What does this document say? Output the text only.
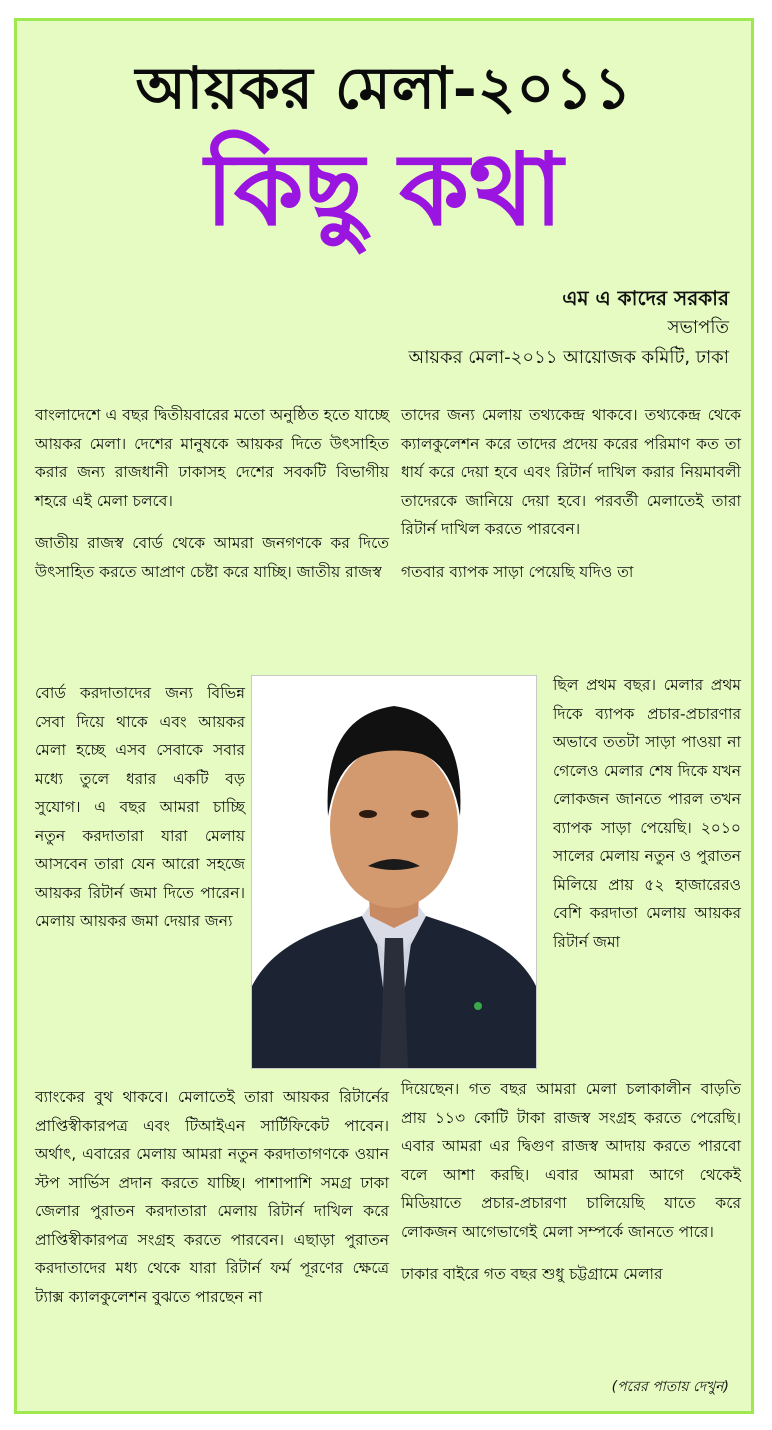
আয়কর মেলা-২০১১
কিছু কথা
এম এ কাদের সরকার
সভাপতি
আয়কর মেলা-২০১১ আয়োজক কমিটি, ঢাকা

বাংলাদেশে এ বছর দ্বিতীয়বারের মতো অনুষ্ঠিত হতে যাচ্ছে আয়কর মেলা। দেশের মানুষকে আয়কর দিতে উৎসাহিত করার জন্য রাজধানী ঢাকাসহ দেশের সবকটি বিভাগীয় শহরে এই মেলা চলবে।

জাতীয় রাজস্ব বোর্ড থেকে আমরা জনগণকে কর দিতে উৎসাহিত করতে আপ্রাণ চেষ্টা করে যাচ্ছি। জাতীয় রাজস্ব

বোর্ড করদাতাদের জন্য বিভিন্ন সেবা দিয়ে থাকে এবং আয়কর মেলা হচ্ছে এসব সেবাকে সবার মধ্যে তুলে ধরার একটি বড় সুযোগ। এ বছর আমরা চাচ্ছি নতুন করদাতারা যারা মেলায় আসবেন তারা যেন আরো সহজে আয়কর রিটার্ন জমা দিতে পারেন। মেলায় আয়কর জমা দেয়ার জন্য

ব্যাংকের বুথ থাকবে। মেলাতেই তারা আয়কর রিটার্নের প্রাপ্তিস্বীকারপত্র এবং টিআইএন সার্টিফিকেট পাবেন। অর্থাৎ, এবারের মেলায় আমরা নতুন করদাতাগণকে ওয়ান স্টপ সার্ভিস প্রদান করতে যাচ্ছি। পাশাপাশি সমগ্র ঢাকা জেলার পুরাতন করদাতারা মেলায় রিটার্ন দাখিল করে প্রাপ্তিস্বীকারপত্র সংগ্রহ করতে পারবেন। এছাড়া পুরাতন করদাতাদের মধ্য থেকে যারা রিটার্ন ফর্ম পূরণের ক্ষেত্রে ট্যাক্স ক্যালকুলেশন বুঝতে পারছেন না

তাদের জন্য মেলায় তথ্যকেন্দ্র থাকবে। তথ্যকেন্দ্র থেকে ক্যালকুলেশন করে তাদের প্রদেয় করের পরিমাণ কত তা ধার্য করে দেয়া হবে এবং রিটার্ন দাখিল করার নিয়মাবলী তাদেরকে জানিয়ে দেয়া হবে। পরবর্তী মেলাতেই তারা রিটার্ন দাখিল করতে পারবেন।

গতবার ব্যাপক সাড়া পেয়েছি যদিও তা

ছিল প্রথম বছর। মেলার প্রথম দিকে ব্যাপক প্রচার-প্রচারণার অভাবে ততটা সাড়া পাওয়া না গেলেও মেলার শেষ দিকে যখন লোকজন জানতে পারল তখন ব্যাপক সাড়া পেয়েছি। ২০১০ সালের মেলায় নতুন ও পুরাতন মিলিয়ে প্রায় ৫২ হাজারেরও বেশি করদাতা মেলায় আয়কর রিটার্ন জমা

দিয়েছেন। গত বছর আমরা মেলা চলাকালীন বাড়তি প্রায় ১১৩ কোটি টাকা রাজস্ব সংগ্রহ করতে পেরেছি। এবার আমরা এর দ্বিগুণ রাজস্ব আদায় করতে পারবো বলে আশা করছি। এবার আমরা আগে থেকেই মিডিয়াতে প্রচার-প্রচারণা চালিয়েছি যাতে করে লোকজন আগেভাগেই মেলা সম্পর্কে জানতে পারে।

ঢাকার বাইরে গত বছর শুধু চট্টগ্রামে মেলার

(পরের পাতায় দেখুন)
